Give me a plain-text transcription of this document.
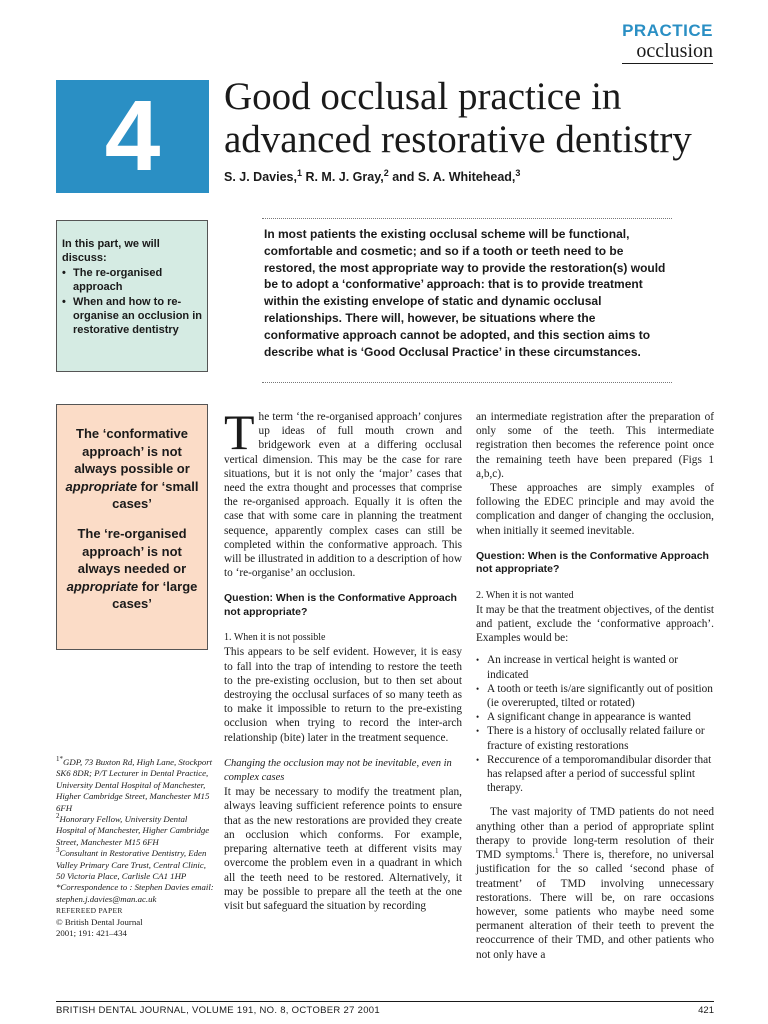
PRACTICE
occlusion
4	Good occlusal practice in advanced restorative dentistry
S. J. Davies,$^1$ R. M. J. Gray,$^2$ and S. A. Whitehead,$^3$
In most patients the existing occlusal scheme will be functional, comfortable and cosmetic; and so if a tooth or teeth need to be restored, the most appropriate way to provide the restoration(s) would be to adopt a ‘conformative’ approach: that is to provide treatment within the existing envelope of static and dynamic occlusal relationships. There will, however, be situations where the conformative approach cannot be adopted, and this section aims to describe what is ‘Good Occlusal Practice’ in these circumstances.
In this part, we will discuss:
• The re-organised approach
• When and how to re-organise an occlusion in restorative dentistry

The ‘conformative approach’ is not always possible or appropriate for ‘small cases’

The ‘re-organised approach’ is not always needed or appropriate for ‘large cases’

$^{1*}$GDP, 73 Buxton Rd, High Lane, Stockport SK6 8DR; P/T Lecturer in Dental Practice, University Dental Hospital of Manchester, Higher Cambridge Street, Manchester M15 6FH
$^2$Honorary Fellow, University Dental Hospital of Manchester, Higher Cambridge Street, Manchester M15 6FH
$^3$Consultant in Restorative Dentistry, Eden Valley Primary Care Trust, Central Clinic, 50 Victoria Place, Carlisle CA1 1HP
*Correspondence to : Stephen Davies email: stephen.j.davies@man.ac.uk
REFEREED PAPER
© British Dental Journal
2001; 191: 421–434

The term ‘the re-organised approach’ conjures up ideas of full mouth crown and bridgework even at a differing occlusal vertical dimension. This may be the case for rare situations, but it is not only the ‘major’ cases that need the extra thought and processes that comprise the re-organised approach. Equally it is often the case that with some care in planning the treatment sequence, apparently complex cases can still be completed within the conformative approach. This will be illustrated in addition to a description of how to ‘re-organise’ an occlusion.

Question: When is the Conformative Approach not appropriate?
1. When it is not possible

This appears to be self evident. However, it is easy to fall into the trap of intending to restore the teeth to the pre-existing occlusion, but to then set about destroying the occlusal surfaces of so many teeth as to make it impossible to return to the pre-existing occlusion when trying to record the inter-arch relationship (bite) later in the treatment sequence.

Changing the occlusion may not be inevitable, even in complex cases

It may be necessary to modify the treatment plan, always leaving sufficient reference points to ensure that as the new restorations are provided they create an occlusion which conforms. For example, preparing alternative teeth at different visits may overcome the problem even in a quadrant in which all the teeth need to be restored. Alternatively, it may be possible to prepare all the teeth at the one visit but safeguard the situation by recording

an intermediate registration after the preparation of only some of the teeth. This intermediate registration then becomes the reference point once the remaining teeth have been prepared (Figs 1 a,b,c).

These approaches are simply examples of following the EDEC principle and may avoid the complication and danger of changing the occlusion, when initially it seemed inevitable.

Question: When is the Conformative Approach not appropriate?
2. When it is not wanted

It may be that the treatment objectives, of the dentist and patient, exclude the ‘conformative approach’. Examples would be:

• An increase in vertical height is wanted or indicated
• A tooth or teeth is/are significantly out of position (ie overerupted, tilted or rotated)
• A significant change in appearance is wanted
• There is a history of occlusally related failure or fracture of existing restorations
• Reccurence of a temporomandibular disorder that has relapsed after a period of successful splint therapy.

The vast majority of TMD patients do not need anything other than a period of appropriate splint therapy to provide long-term resolution of their TMD symptoms.$^1$ There is, therefore, no universal justification for the so called ‘second phase of treatment’ of TMD involving unnecessary restorations. There will be, on rare occasions however, some patients who maybe need some permanent alteration of their teeth to prevent the reoccurrence of their TMD, and other patients who not only have a

BRITISH DENTAL JOURNAL, VOLUME 191, NO. 8, OCTOBER 27 2001	421
